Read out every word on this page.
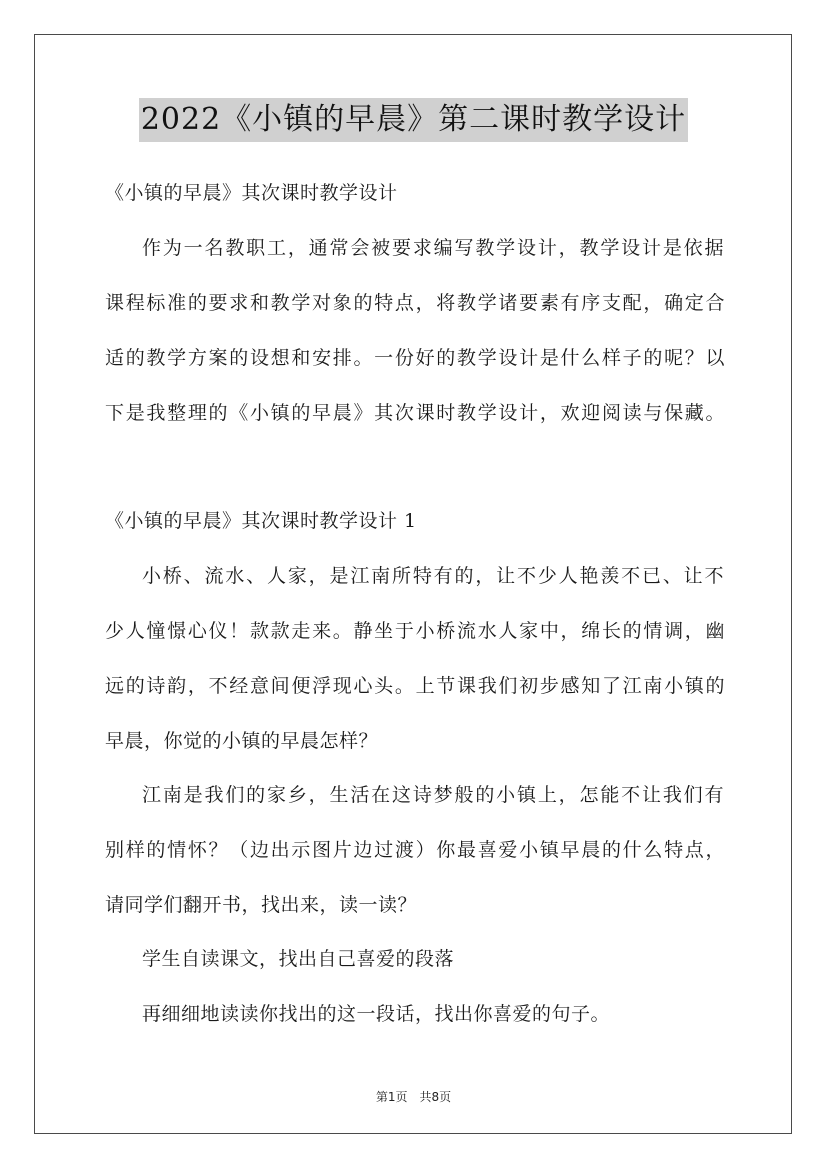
2022《小镇的早晨》第二课时教学设计
《小镇的早晨》其次课时教学设计
作为一名教职工，通常会被要求编写教学设计，教学设计是依据
课程标准的要求和教学对象的特点，将教学诸要素有序支配，确定合
适的教学方案的设想和安排。一份好的教学设计是什么样子的呢？以
下是我整理的《小镇的早晨》其次课时教学设计，欢迎阅读与保藏。
《小镇的早晨》其次课时教学设计 1
小桥、流水、人家，是江南所特有的，让不少人艳羡不已、让不
少人憧憬心仪！款款走来。静坐于小桥流水人家中，绵长的情调，幽
远的诗韵，不经意间便浮现心头。上节课我们初步感知了江南小镇的
早晨，你觉的小镇的早晨怎样？
江南是我们的家乡，生活在这诗梦般的小镇上，怎能不让我们有
别样的情怀？（边出示图片边过渡）你最喜爱小镇早晨的什么特点，
请同学们翻开书，找出来，读一读？
学生自读课文，找出自己喜爱的段落
再细细地读读你找出的这一段话，找出你喜爱的句子。
第1页　共8页
